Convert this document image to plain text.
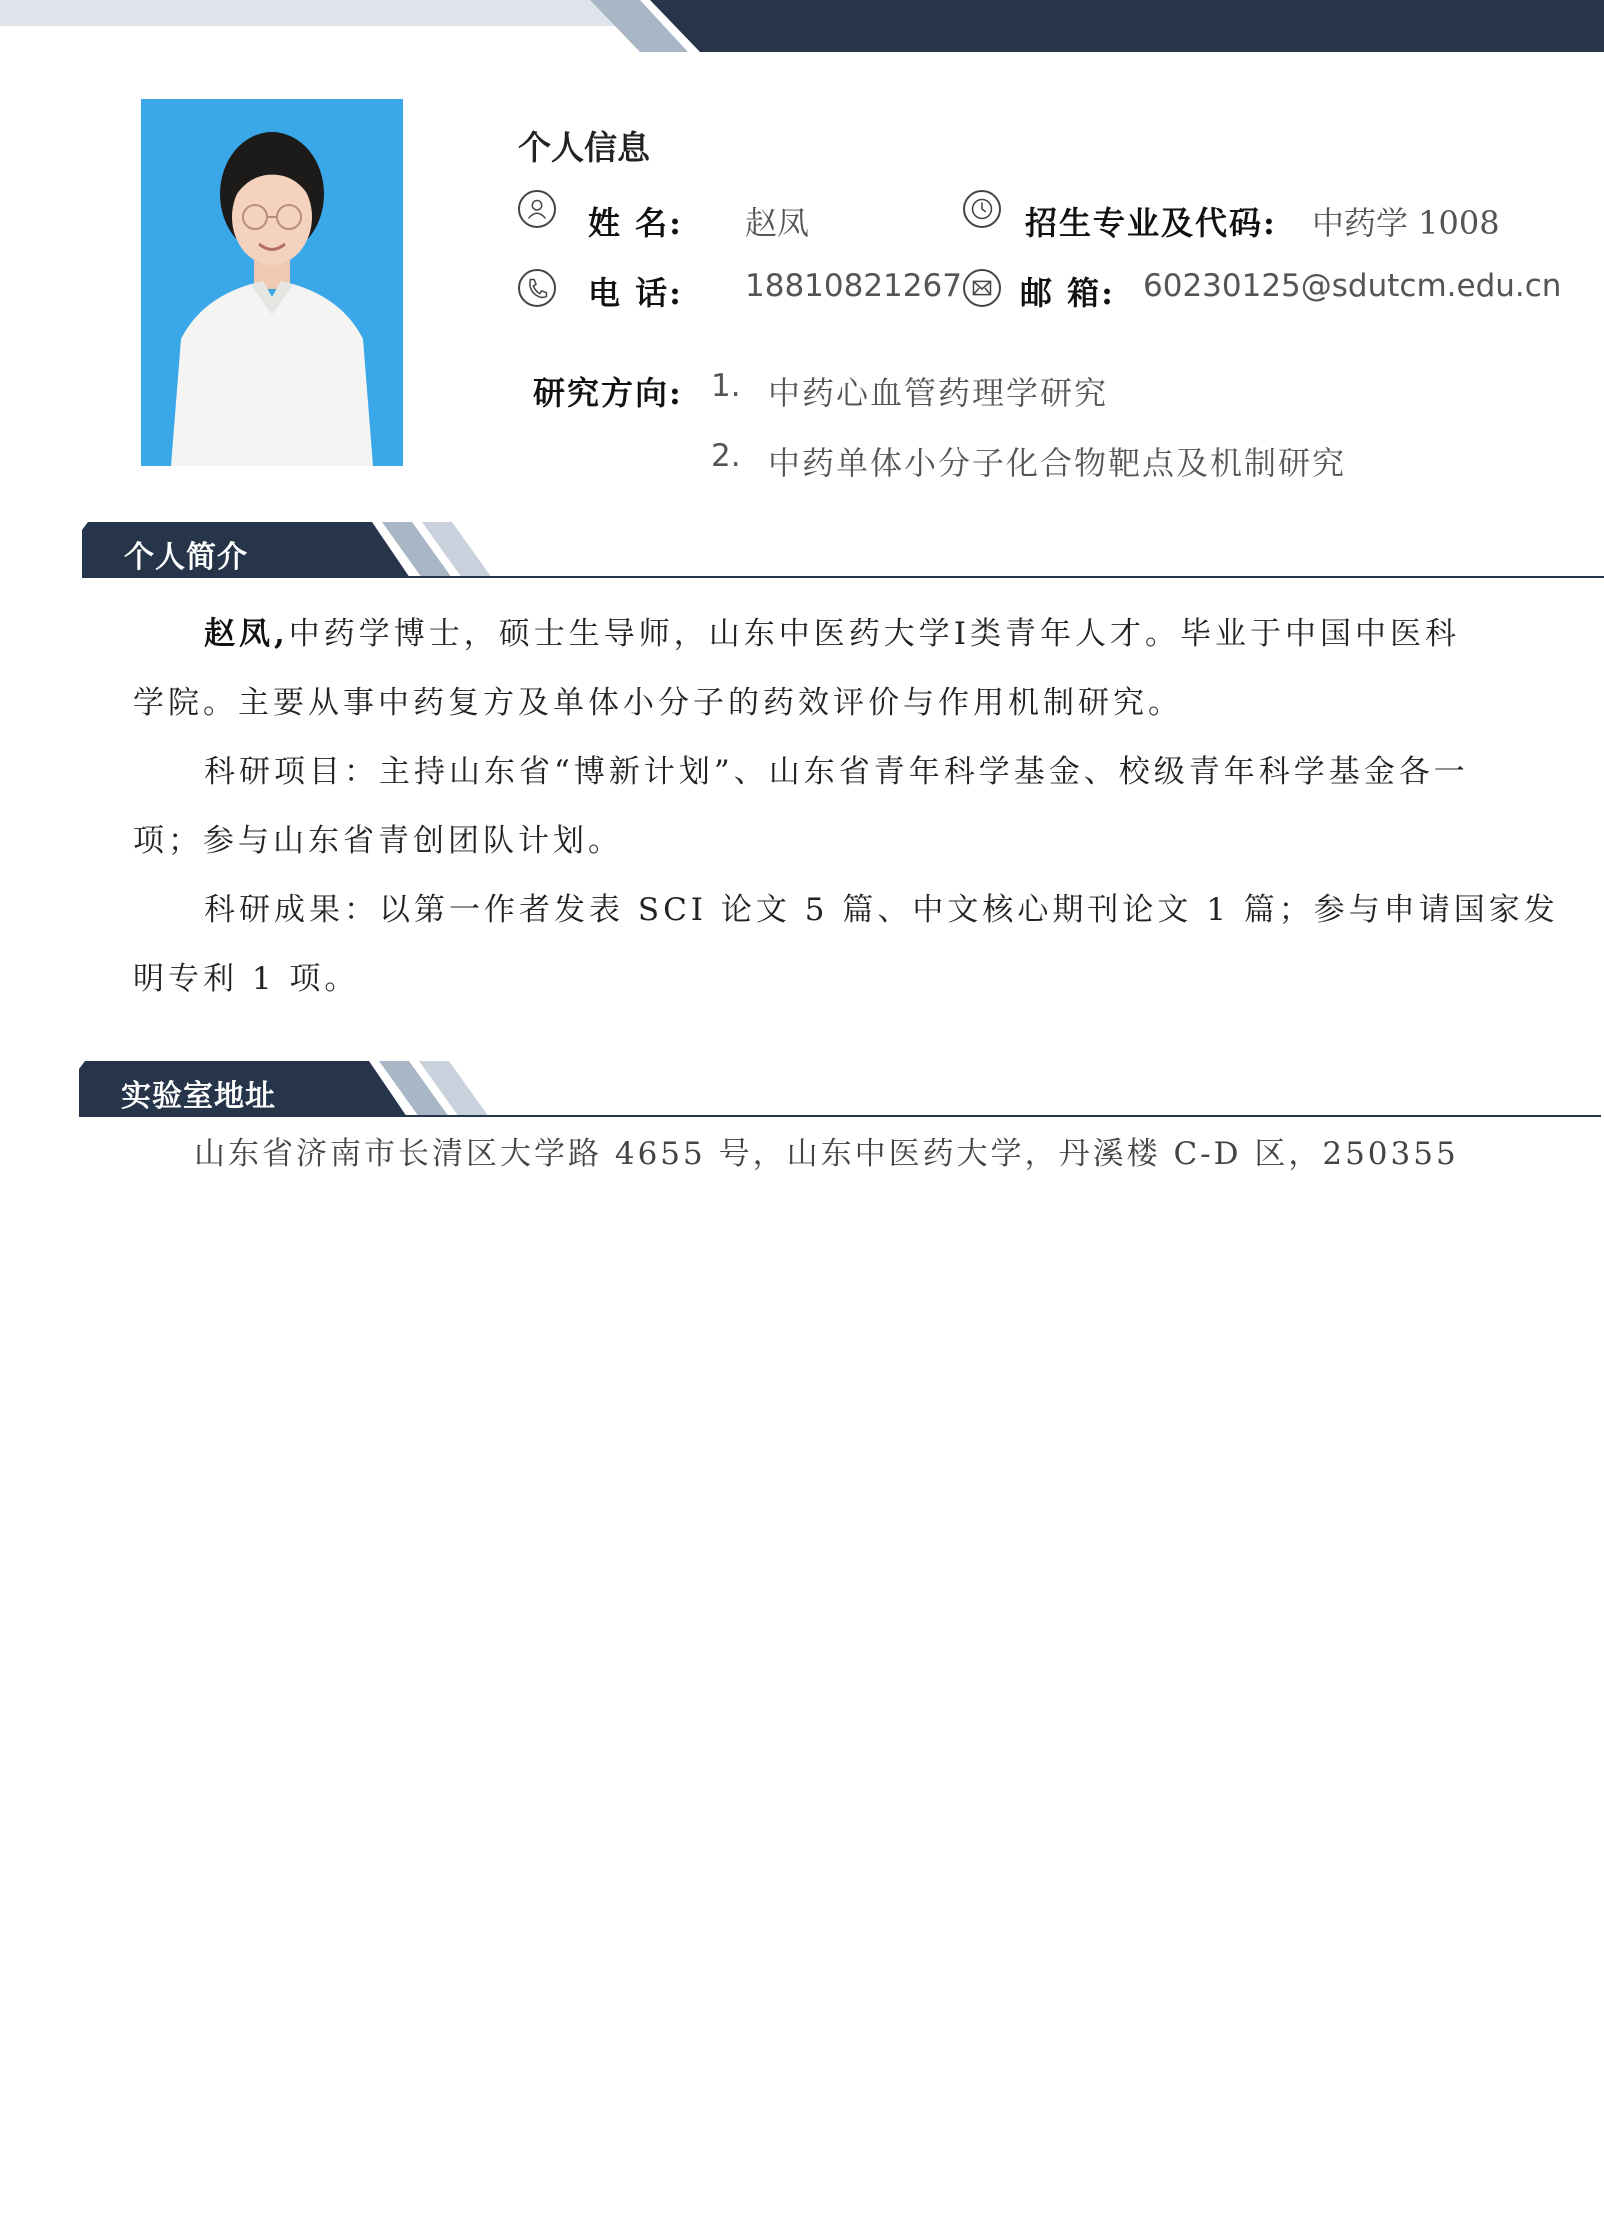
个人信息
姓 名: 赵凤	招生专业及代码: 中药学 1008
电 话: 18810821267 邮 箱: 60230125@sdutcm.edu.cn
研究方向: 1. 中药心血管药理学研究
2. 中药单体小分子化合物靶点及机制研究
个人简介
赵凤,中药学博士，硕士生导师，山东中医药大学Ⅰ类青年人才。毕业于中国中医科
学院。主要从事中药复方及单体小分子的药效评价与作用机制研究。
科研项目：主持山东省“博新计划”、山东省青年科学基金、校级青年科学基金各一
项；参与山东省青创团队计划。
科研成果：以第一作者发表 SCI 论文 5 篇、中文核心期刊论文 1 篇；参与申请国家发
明专利 1 项。
实验室地址
山东省济南市长清区大学路 4655 号，山东中医药大学，丹溪楼 C-D 区，250355
